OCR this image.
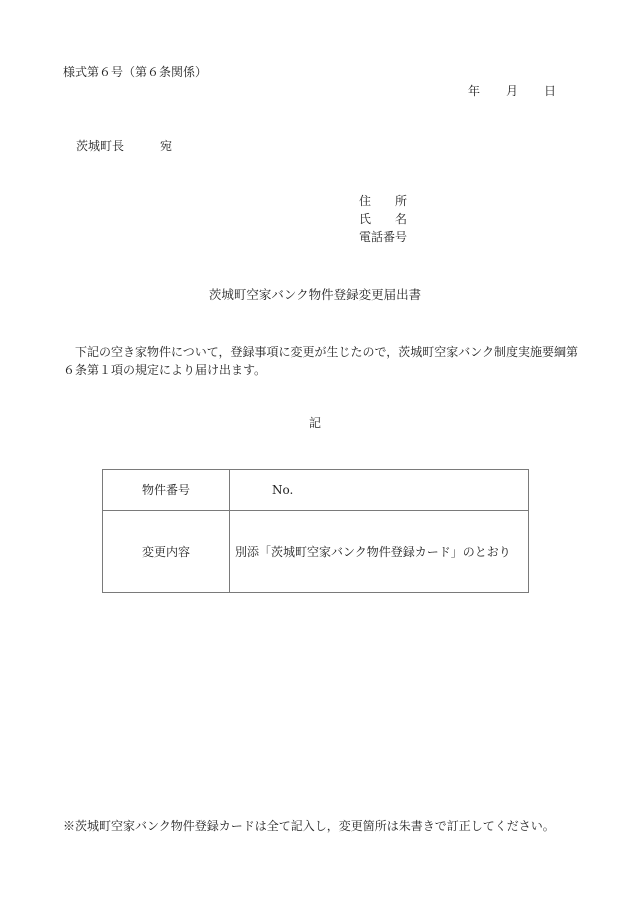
様式第６号（第６条関係）
年 月 日
茨城町長	宛
住 所
氏 名
電話番号
茨城町空家バンク物件登録変更届出書
下記の空き家物件について，登録事項に変更が生じたので，茨城町空家バンク制度実施要綱第６条第１項の規定により届け出ます。
記
物件番号	No.
変更内容	別添「茨城町空家バンク物件登録カード」のとおり
※茨城町空家バンク物件登録カードは全て記入し，変更箇所は朱書きで訂正してください。
